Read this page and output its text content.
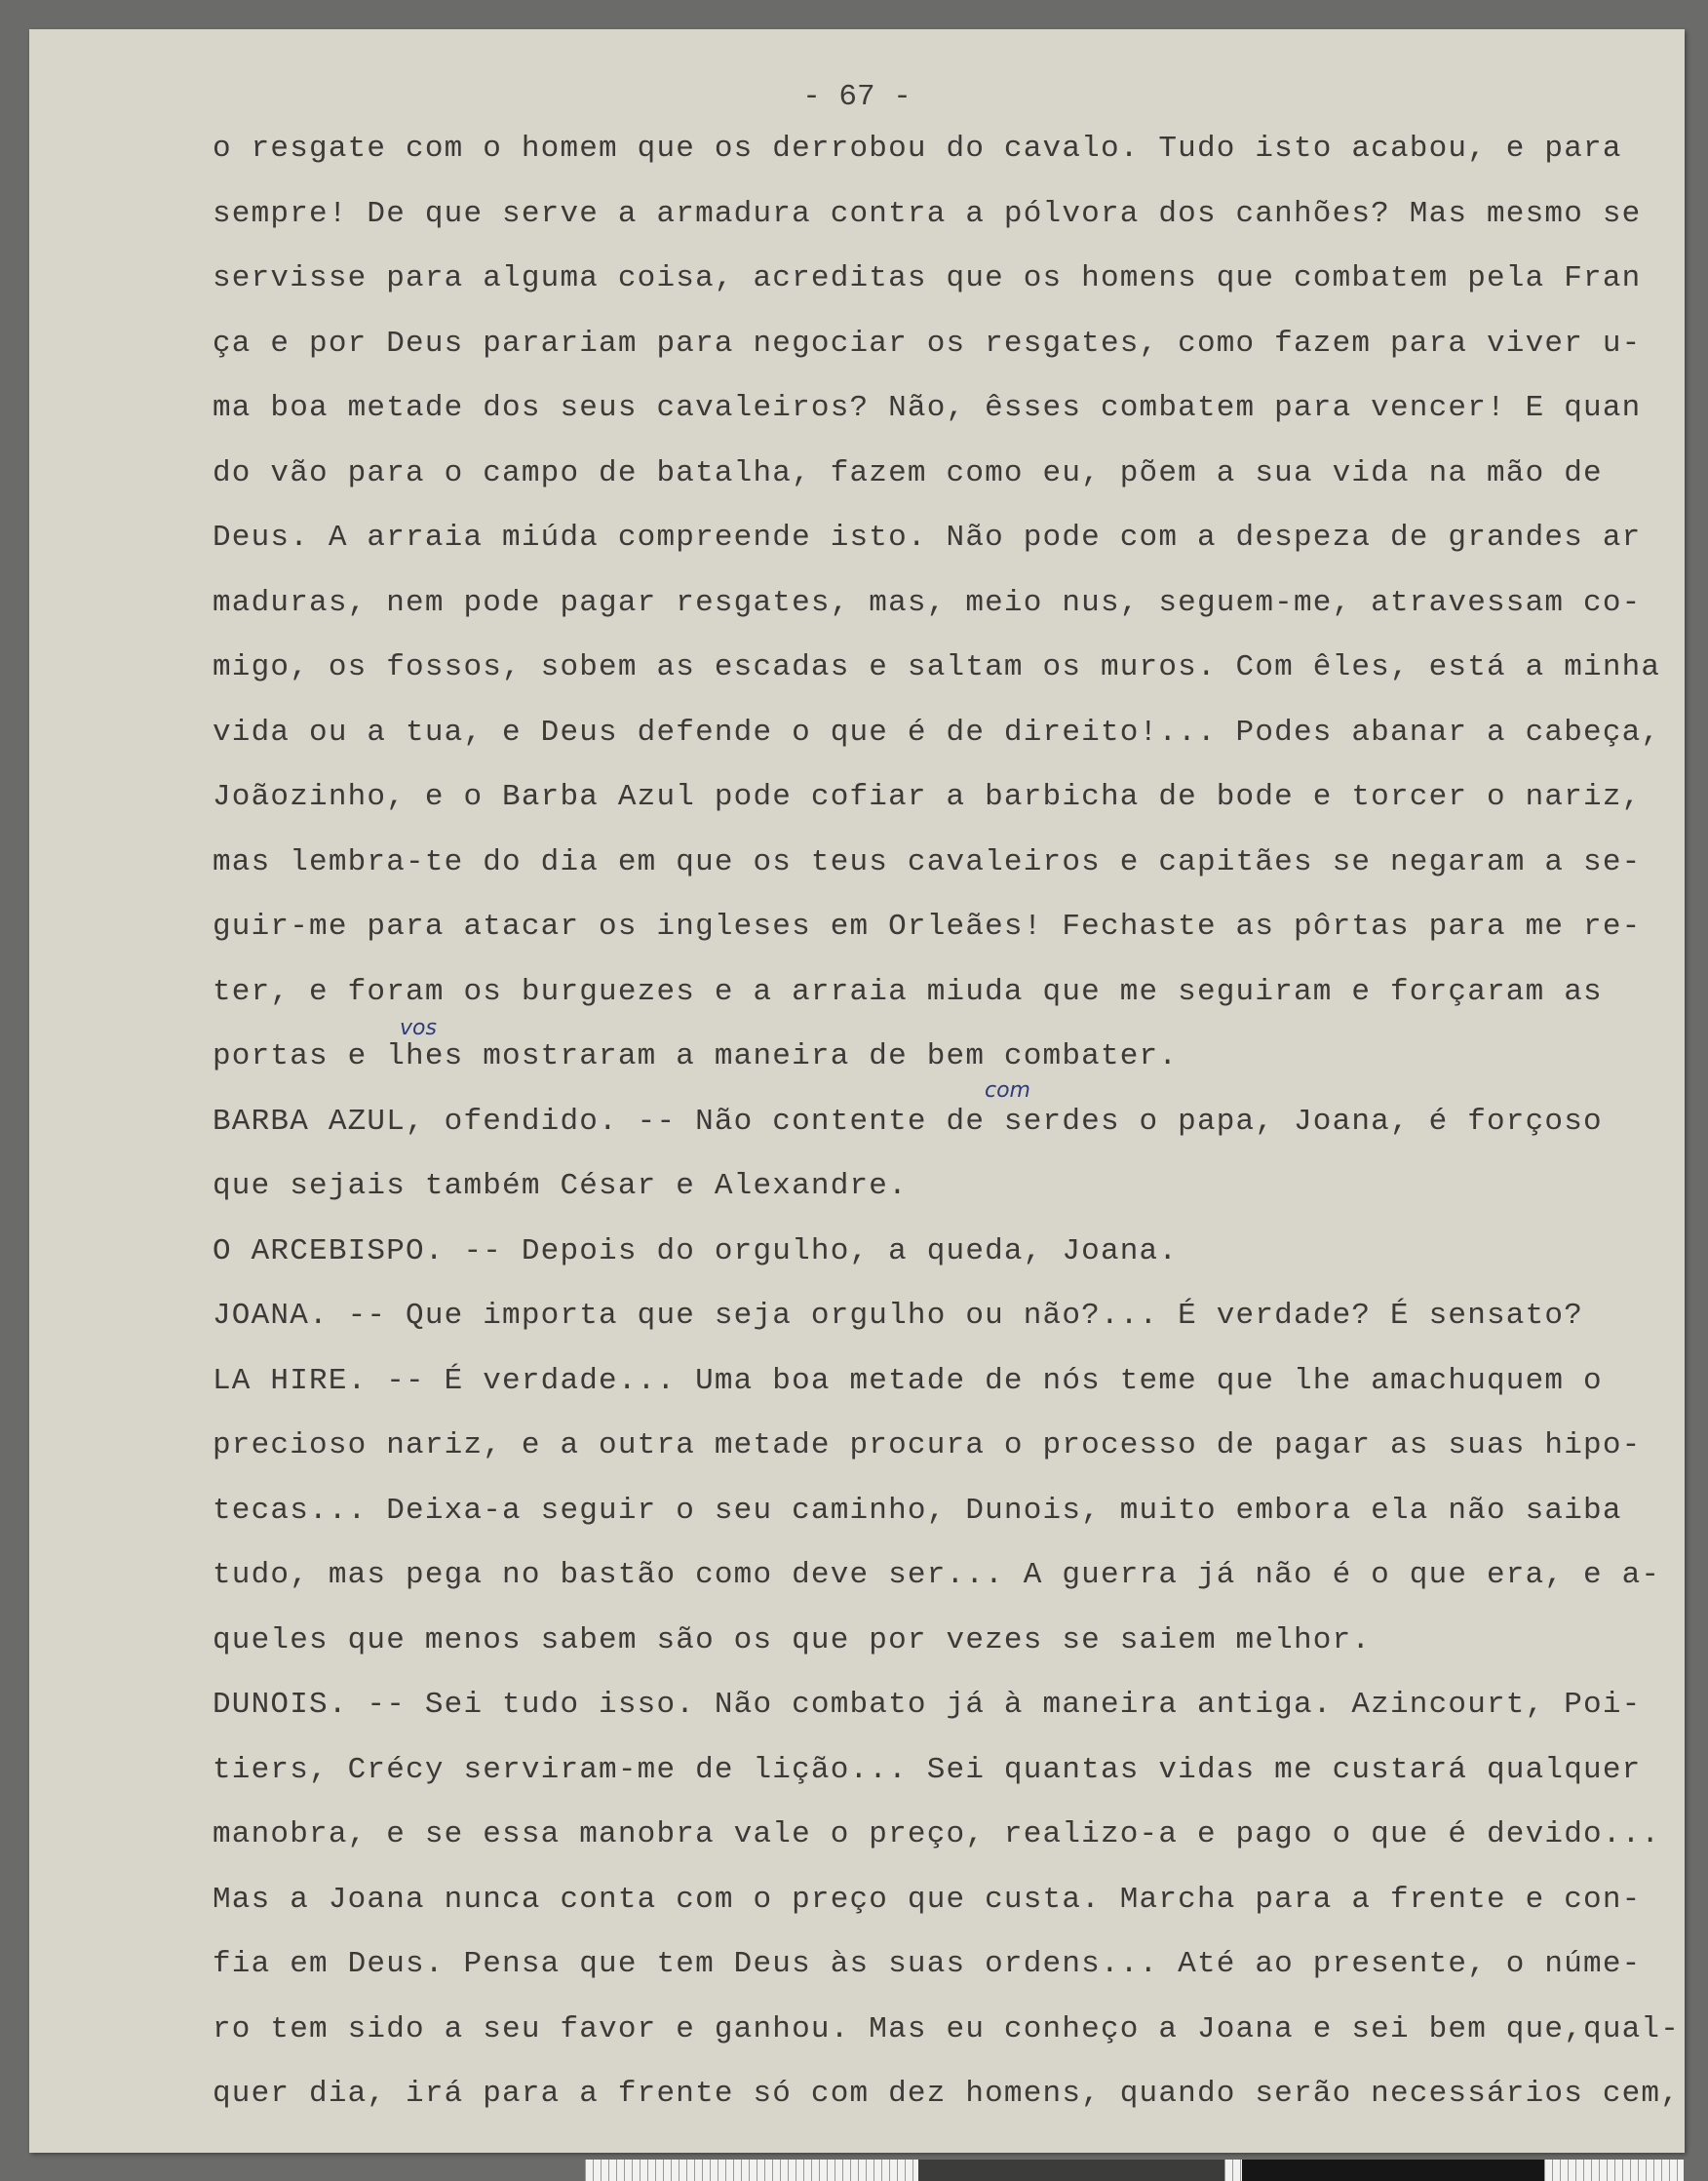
- 67 -
o resgate com o homem que os derrobou do cavalo. Tudo isto acabou, e para
sempre! De que serve a armadura contra a pólvora dos canhões? Mas mesmo se
servisse para alguma coisa, acreditas que os homens que combatem pela Fran
ça e por Deus parariam para negociar os resgates, como fazem para viver u-
ma boa metade dos seus cavaleiros? Não, êsses combatem para vencer! E quan
do vão para o campo de batalha, fazem como eu, põem a sua vida na mão de
Deus. A arraia miúda compreende isto. Não pode com a despeza de grandes ar
maduras, nem pode pagar resgates, mas, meio nus, seguem-me, atravessam co-
migo, os fossos, sobem as escadas e saltam os muros. Com êles, está a minha
vida ou a tua, e Deus defende o que é de direito!... Podes abanar a cabeça,
Joãozinho, e o Barba Azul pode cofiar a barbicha de bode e torcer o nariz,
mas lembra-te do dia em que os teus cavaleiros e capitães se negaram a se-
guir-me para atacar os ingleses em Orleães! Fechaste as pôrtas para me re-
ter, e foram os burguezes e a arraia miuda que me seguiram e forçaram as
portas e lhes mostraram a maneira de bem combater.
BARBA AZUL, ofendido. -- Não contente de serdes o papa, Joana, é forçoso
que sejais também César e Alexandre.
O ARCEBISPO. -- Depois do orgulho, a queda, Joana.
JOANA. -- Que importa que seja orgulho ou não?... É verdade? É sensato?
LA HIRE. -- É verdade... Uma boa metade de nós teme que lhe amachuquem o
precioso nariz, e a outra metade procura o processo de pagar as suas hipo-
tecas... Deixa-a seguir o seu caminho, Dunois, muito embora ela não saiba
tudo, mas pega no bastão como deve ser... A guerra já não é o que era, e a-
queles que menos sabem são os que por vezes se saiem melhor.
DUNOIS. -- Sei tudo isso. Não combato já à maneira antiga. Azincourt, Poi-
tiers, Crécy serviram-me de lição... Sei quantas vidas me custará qualquer
manobra, e se essa manobra vale o preço, realizo-a e pago o que é devido...
Mas a Joana nunca conta com o preço que custa. Marcha para a frente e con-
fia em Deus. Pensa que tem Deus às suas ordens... Até ao presente, o núme-
ro tem sido a seu favor e ganhou. Mas eu conheço a Joana e sei bem que,qual-
quer dia, irá para a frente só com dez homens, quando serão necessários cem,
vos
com
